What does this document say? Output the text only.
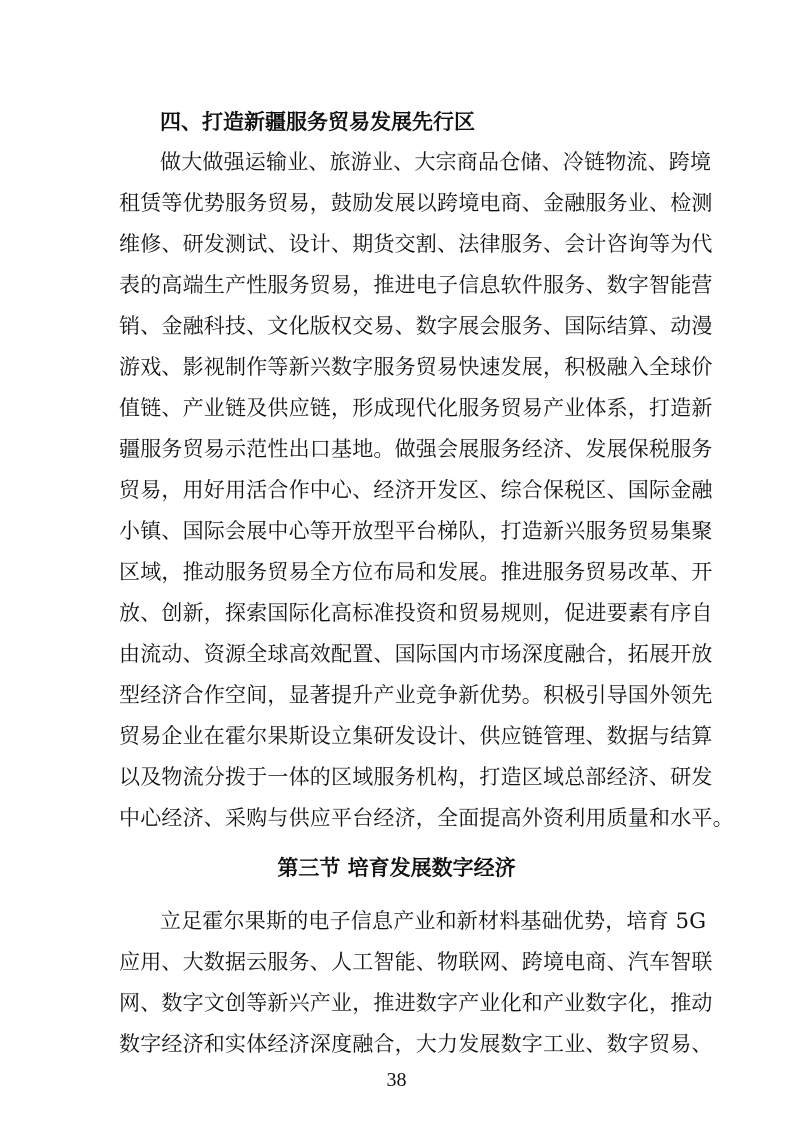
四、打造新疆服务贸易发展先行区
做大做强运输业、旅游业、大宗商品仓储、冷链物流、跨境
租赁等优势服务贸易，鼓励发展以跨境电商、金融服务业、检测
维修、研发测试、设计、期货交割、法律服务、会计咨询等为代
表的高端生产性服务贸易，推进电子信息软件服务、数字智能营
销、金融科技、文化版权交易、数字展会服务、国际结算、动漫
游戏、影视制作等新兴数字服务贸易快速发展，积极融入全球价
值链、产业链及供应链，形成现代化服务贸易产业体系，打造新
疆服务贸易示范性出口基地。做强会展服务经济、发展保税服务
贸易，用好用活合作中心、经济开发区、综合保税区、国际金融
小镇、国际会展中心等开放型平台梯队，打造新兴服务贸易集聚
区域，推动服务贸易全方位布局和发展。推进服务贸易改革、开
放、创新，探索国际化高标准投资和贸易规则，促进要素有序自
由流动、资源全球高效配置、国际国内市场深度融合，拓展开放
型经济合作空间，显著提升产业竞争新优势。积极引导国外领先
贸易企业在霍尔果斯设立集研发设计、供应链管理、数据与结算
以及物流分拨于一体的区域服务机构，打造区域总部经济、研发
中心经济、采购与供应平台经济，全面提高外资利用质量和水平。
第三节 培育发展数字经济
立足霍尔果斯的电子信息产业和新材料基础优势，培育 5G
应用、大数据云服务、人工智能、物联网、跨境电商、汽车智联
网、数字文创等新兴产业，推进数字产业化和产业数字化，推动
数字经济和实体经济深度融合，大力发展数字工业、数字贸易、
38
